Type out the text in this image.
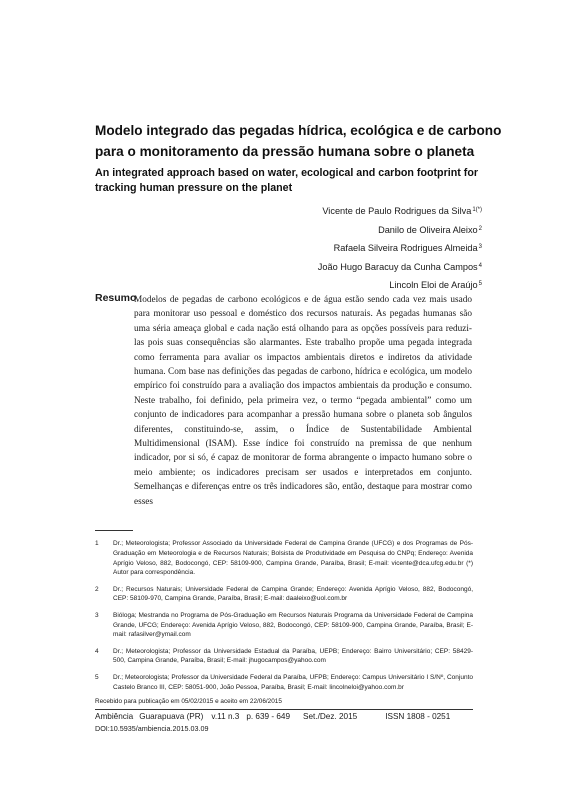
Modelo integrado das pegadas hídrica, ecológica e de carbono para o monitoramento da pressão humana sobre o planeta
An integrated approach based on water, ecological and carbon footprint for tracking human pressure on the planet
Vicente de Paulo Rodrigues da Silva$^{1(*)}$
Danilo de Oliveira Aleixo$^2$
Rafaela Silveira Rodrigues Almeida$^3$
João Hugo Baracuy da Cunha Campos$^4$
Lincoln Eloi de Araújo$^5$
Resumo

Modelos de pegadas de carbono ecológicos e de água estão sendo cada vez mais usado para monitorar uso pessoal e doméstico dos recursos naturais. As pegadas humanas são uma séria ameaça global e cada nação está olhando para as opções possíveis para reduzi-las pois suas consequências são alarmantes. Este trabalho propõe uma pegada integrada como ferramenta para avaliar os impactos ambientais diretos e indiretos da atividade humana. Com base nas definições das pegadas de carbono, hídrica e ecológica, um modelo empírico foi construído para a avaliação dos impactos ambientais da produção e consumo. Neste trabalho, foi definido, pela primeira vez, o termo “pegada ambiental” como um conjunto de indicadores para acompanhar a pressão humana sobre o planeta sob ângulos diferentes, constituindo-se, assim, o Índice de Sustentabilidade Ambiental Multidimensional (ISAM). Esse índice foi construído na premissa de que nenhum indicador, por si só, é capaz de monitorar de forma abrangente o impacto humano sobre o meio ambiente; os indicadores precisam ser usados e interpretados em conjunto. Semelhanças e diferenças entre os três indicadores são, então, destaque para mostrar como esses

1	Dr.; Meteorologista; Professor Associado da Universidade Federal de Campina Grande (UFCG) e dos Programas de Pós-Graduação em Meteorologia e de Recursos Naturais; Bolsista de Produtividade em Pesquisa do CNPq; Endereço: Avenida Aprígio Veloso, 882, Bodocongó, CEP: 58109-900, Campina Grande, Paraíba, Brasil; E-mail: vicente@dca.ufcg.edu.br (*) Autor para correspondência.
2	Dr.; Recursos Naturais; Universidade Federal de Campina Grande; Endereço: Avenida Aprígio Veloso, 882, Bodocongó, CEP: 58109-970, Campina Grande, Paraíba, Brasil; E-mail: daaleixo@uol.com.br
3	Bióloga; Mestranda no Programa de Pós-Graduação em Recursos Naturais Programa da Universidade Federal de Campina Grande, UFCG; Endereço: Avenida Aprígio Veloso, 882, Bodocongó, CEP: 58109-900, Campina Grande, Paraíba, Brasil; E-mail: rafasilver@ymail.com
4	Dr.; Meteorologista; Professor da Universidade Estadual da Paraíba, UEPB; Endereço: Bairro Universitário; CEP: 58429-500, Campina Grande, Paraíba, Brasil; E-mail: jhugocampos@yahoo.com
5	Dr.; Meteorologista; Professor da Universidade Federal da Paraíba, UFPB; Endereço: Campus Universitário I S/Nº, Conjunto Castelo Branco III, CEP: 58051-900, João Pessoa, Paraíba, Brasil; E-mail: lincolneloi@yahoo.com.br
Recebido para publicação em 05/02/2015 e aceito em 22/06/2015
Ambiência Guarapuava (PR) v.11 n.3 p. 639 - 649 Set./Dez. 2015	ISSN 1808 - 0251
DOI:10.5935/ambiencia.2015.03.09
